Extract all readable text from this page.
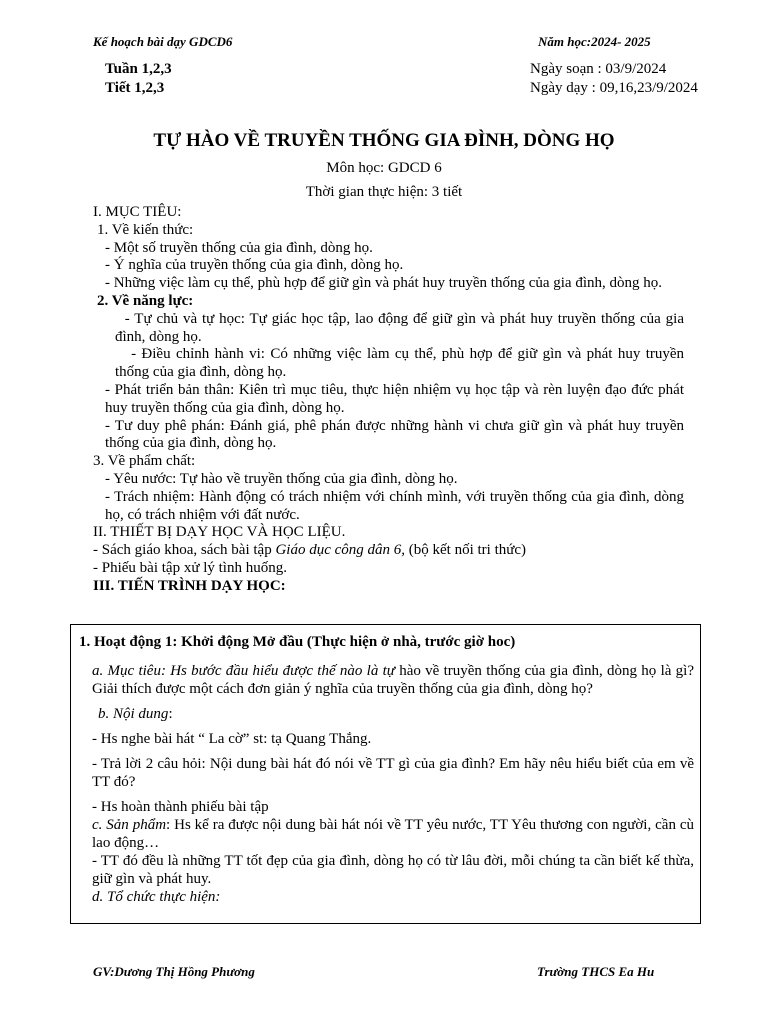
Kế hoạch bài dạy GDCD6	Năm học:2024- 2025
Tuần 1,2,3
Tiết 1,2,3
Ngày soạn : 03/9/2024
Ngày dạy : 09,16,23/9/2024
TỰ HÀO VỀ TRUYỀN THỐNG GIA ĐÌNH, DÒNG HỌ
Môn học: GDCD 6
Thời gian thực hiện: 3 tiết

I. MỤC TIÊU:

1. Về kiến thức:

- Một số truyền thống của gia đình, dòng họ.

- Ý nghĩa của truyền thống của gia đình, dòng họ.

- Những việc làm cụ thể, phù hợp để giữ gìn và phát huy truyền thống của gia đình, dòng họ.

2. Về năng lực:

- Tự chủ và tự học: Tự giác học tập, lao động để giữ gìn và phát huy truyền thống của gia đình, dòng họ.

- Điều chỉnh hành vi: Có những việc làm cụ thể, phù hợp để giữ gìn và phát huy truyền thống của gia đình, dòng họ.

- Phát triển bản thân: Kiên trì mục tiêu, thực hiện nhiệm vụ học tập và rèn luyện đạo đức phát huy truyền thống của gia đình, dòng họ.

- Tư duy phê phán: Đánh giá, phê phán được những hành vi chưa giữ gìn và phát huy truyền thống của gia đình, dòng họ.

3. Về phẩm chất:

- Yêu nước: Tự hào về truyền thống của gia đình, dòng họ.

- Trách nhiệm: Hành động có trách nhiệm với chính mình, với truyền thống của gia đình, dòng họ, có trách nhiệm với đất nước.

II. THIẾT BỊ DẠY HỌC VÀ HỌC LIỆU.

- Sách giáo khoa, sách bài tập Giáo dục công dân 6, (bộ kết nối tri thức)

- Phiếu bài tập xử lý tình huống.

III. TIẾN TRÌNH DẠY HỌC:

1. Hoạt động 1: Khởi động Mở đầu (Thực hiện ở nhà, trước giờ hoc)

a. Mục tiêu: Hs bước đầu hiểu được thế nào là tự hào về truyền thống của gia đình, dòng họ là gì? Giải thích được một cách đơn giản ý nghĩa của truyền thống của gia đình, dòng họ?

b. Nội dung:

- Hs nghe bài hát “ La cờ” st: tạ Quang Thắng.

- Trả lời 2 câu hỏi: Nội dung bài hát đó nói về TT gì của gia đình? Em hãy nêu hiểu biết của em về TT đó?

- Hs hoàn thành phiếu bài tập

c. Sản phẩm: Hs kể ra được nội dung bài hát nói về TT yêu nước, TT Yêu thương con người, cần cù lao động…

- TT đó đều là những TT tốt đẹp của gia đình, dòng họ có từ lâu đời, mỗi chúng ta cần biết kế thừa, giữ gìn và phát huy.

d. Tổ chức thực hiện:

GV:Dương Thị Hồng Phương	Trường THCS Ea Hu
